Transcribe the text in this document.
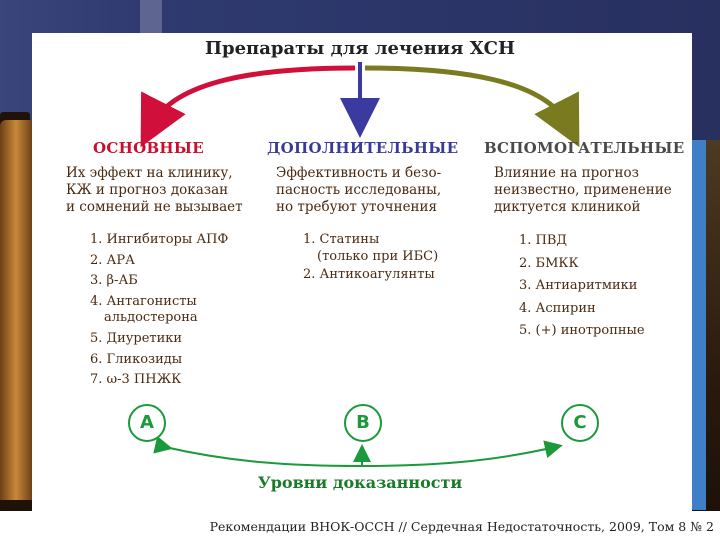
Препараты для лечения ХСН
ОСНОВНЫЕ	ДОПОЛНИТЕЛЬНЫЕ ВСПОМОГАТЕЛЬНЫЕ
Их эффект на клинику,
КЖ и прогноз доказан
и сомнений не вызывает
Эффективность и безо-
пасность исследованы,
но требуют уточнения
Влияние на прогноз
неизвестно, применение
диктуется клиникой
1. Ингибиторы АПФ
2. АРА
3. β-АБ
4. Антагонисты
альдостерона
5. Диуретики
6. Гликозиды
7. ω-3 ПНЖК
1. Статины
(только при ИБС)
2. Антикоагулянты
1. ПВД
2. БМКК
3. Антиаритмики
4. Аспирин
5. (+) инотропные
A	B	C
Уровни доказанности
Рекомендации ВНОК-ОССН // Сердечная Недостаточность, 2009, Том 8 № 2
